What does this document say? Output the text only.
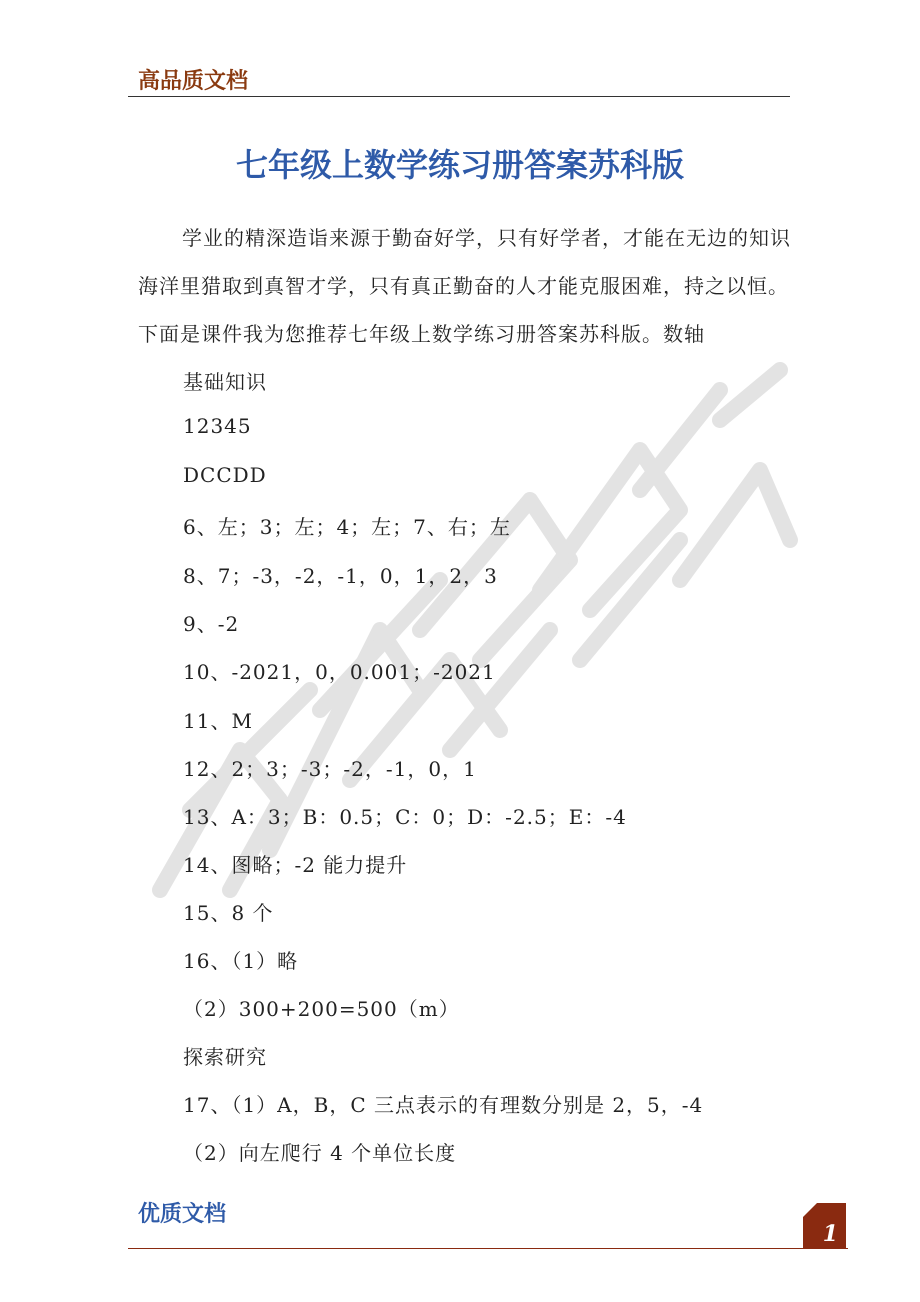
高品质文档
七年级上数学练习册答案苏科版
学业的精深造诣来源于勤奋好学，只有好学者，才能在无边的知识海洋里猎取到真智才学，只有真正勤奋的人才能克服困难，持之以恒。下面是课件我为您推荐七年级上数学练习册答案苏科版。数轴
基础知识
12345
DCCDD
6、左；3；左；4；左；7、右；左
8、7；-3，-2，-1，0，1，2，3
9、-2
10、-2021，0，0.001；-2021
11、M
12、2；3；-3；-2，-1，0，1
13、A：3；B：0.5；C：0；D：-2.5；E：-4
14、图略；-2 能力提升
15、8 个
16、（1）略
（2）300+200=500（m）
探索研究
17、（1）A，B，C 三点表示的有理数分别是 2，5，-4
（2）向左爬行 4 个单位长度
优质文档
1
